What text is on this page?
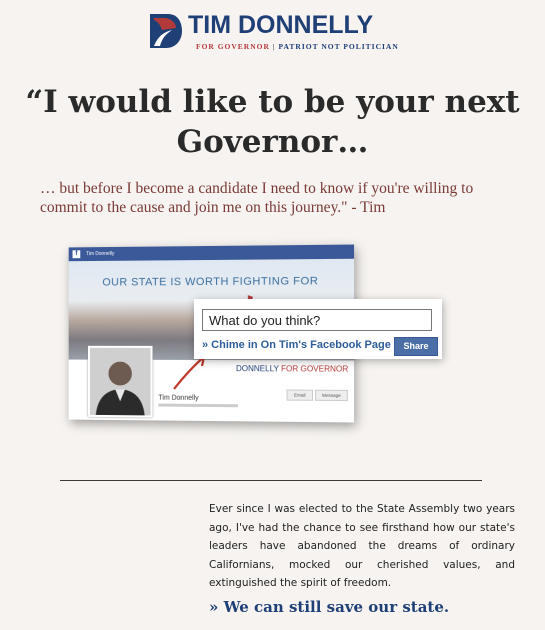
TIM DONNELLY
FOR GOVERNOR | PATRIOT NOT POLITICIAN
“I would like to be your next
Governor…
… but before I become a candidate I need to know if you're willing to commit to the cause and join me on this journey." - Tim
f	Tim Donnelly
OUR STATE IS WORTH FIGHTING FOR
DONNELLY FOR GOVERNOR
Tim Donnelly	Email	Message
What do you think?
» Chime in On Tim's Facebook Page	Share
Ever since I was elected to the State Assembly two years ago, I've had the chance to see firsthand how our state's leaders have abandoned the dreams of ordinary Californians, mocked our cherished values, and extinguished the spirit of freedom.
» We can still save our state.
